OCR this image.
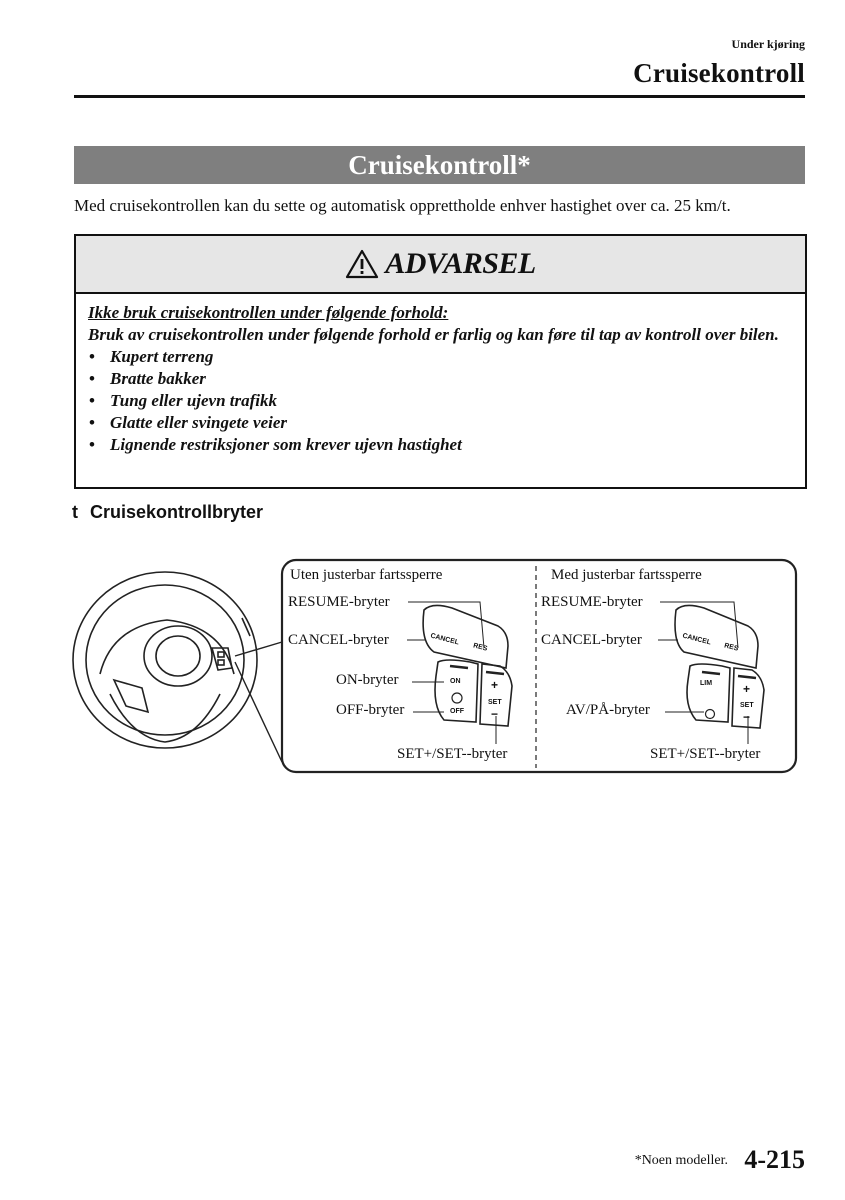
Under kjøring
Cruisekontroll
Cruisekontroll*
Med cruisekontrollen kan du sette og automatisk opprettholde enhver hastighet over ca. 25 km/t.
ADVARSEL
Ikke bruk cruisekontrollen under følgende forhold:
Bruk av cruisekontrollen under følgende forhold er farlig og kan føre til tap av kontroll over bilen.
• Kupert terreng
• Bratte bakker
• Tung eller ujevn trafikk
• Glatte eller svingete veier
• Lignende restriksjoner som krever ujevn hastighet
t Cruisekontrollbryter
CANCEL
RES
ON
OFF
+
SET
−
CANCEL
RES
LIM	+
SET
−
Uten justerbar fartssperre
RESUME-bryter
CANCEL-bryter
ON-bryter
OFF-bryter
SET+/SET--bryter
Med justerbar fartssperre
RESUME-bryter
CANCEL-bryter
AV/PÅ-bryter
SET+/SET--bryter
*Noen modeller. 4-215
